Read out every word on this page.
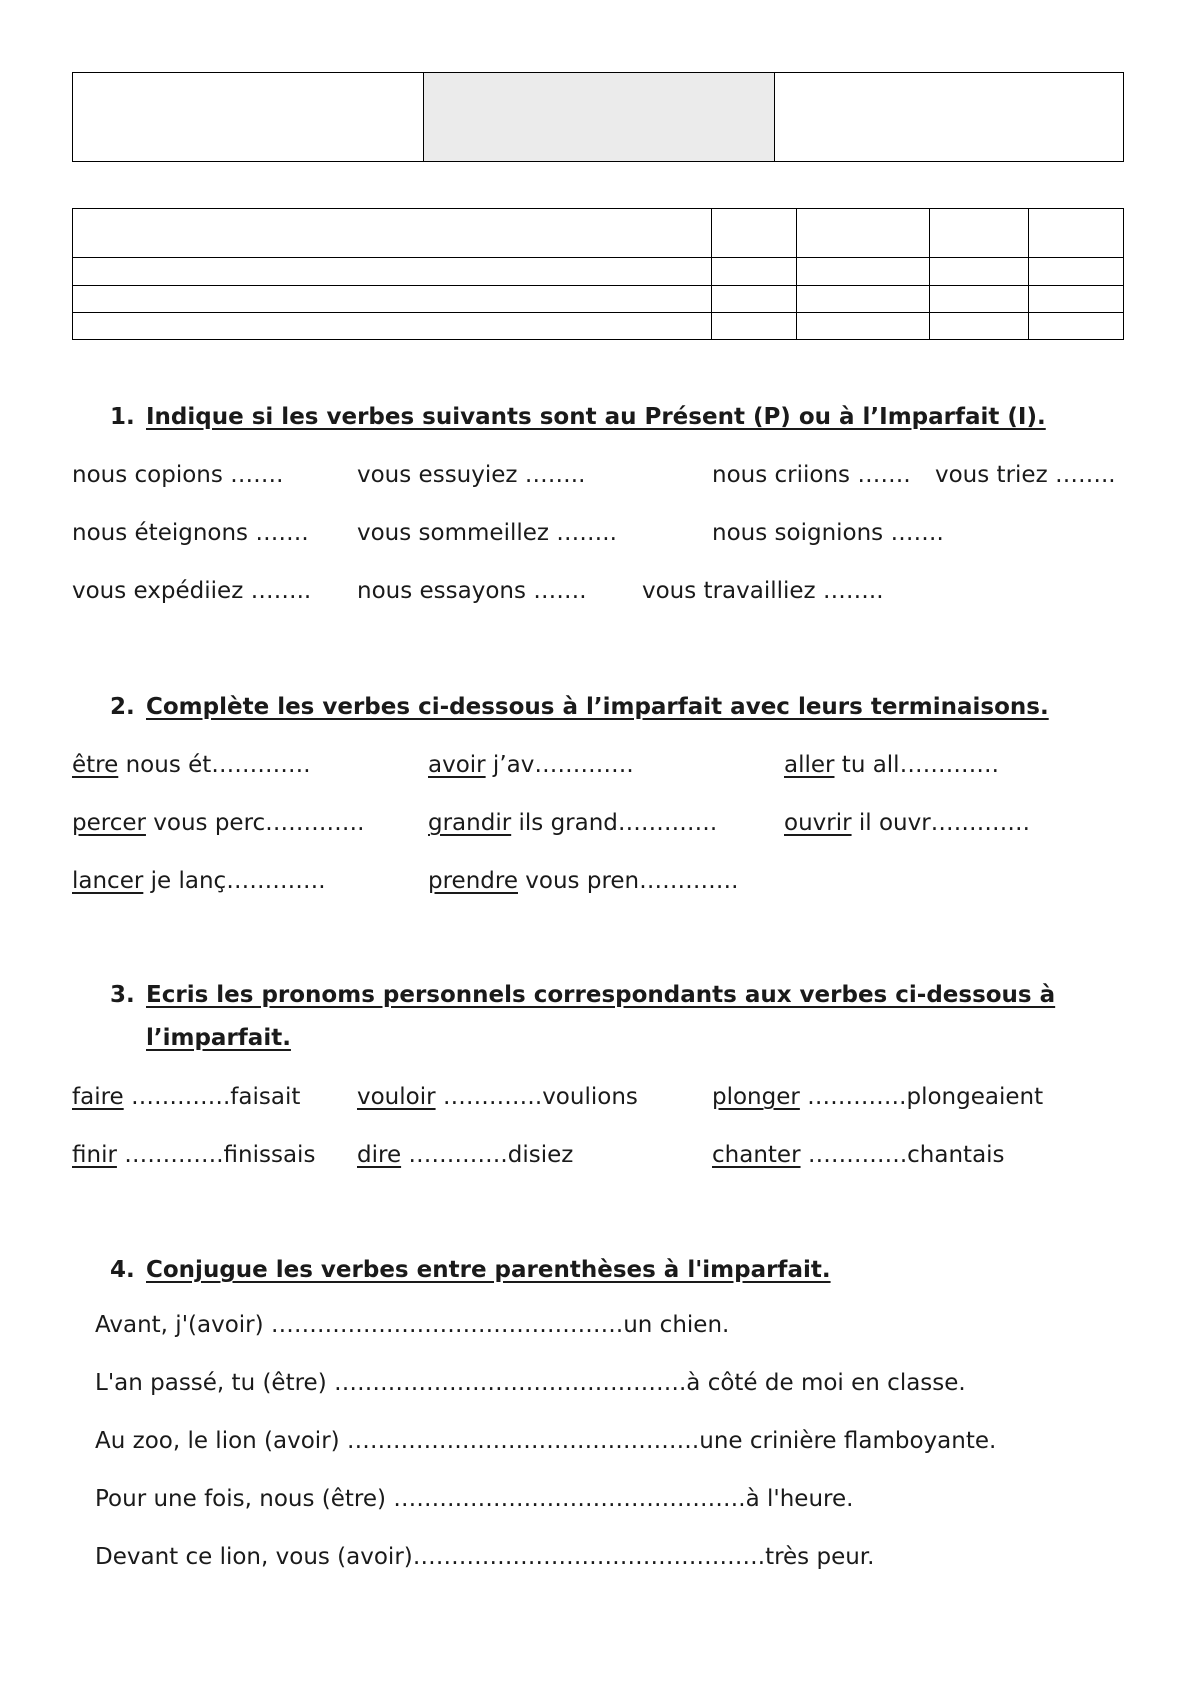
1. Indique si les verbes suivants sont au Présent (P) ou à l’Imparfait (I).
nous copions …….	vous essuyiez ……..	nous criions ……. vous triez ……..
nous éteignons ……. vous sommeillez ……..	nous soignions …….
vous expédiiez …….. nous essayons ……. vous travailliez ……..
2. Complète les verbes ci-dessous à l’imparfait avec leurs terminaisons.
être nous ét………….	avoir j’av………….	aller tu all………….
percer vous perc………….	grandir ils grand………….	ouvrir il ouvr………….
lancer je lanç………….	prendre vous pren………….
3. Ecris les pronoms personnels correspondants aux verbes ci-dessous à
l’imparfait.
faire ………….faisait vouloir ………….voulions	plonger ………….plongeaient
finir ………….finissais dire ………….disiez	chanter ………….chantais
4. Conjugue les verbes entre parenthèses à l'imparfait.
Avant, j'(avoir) ……………………………………….un chien.
L'an passé, tu (être) ……………………………………….à côté de moi en classe.
Au zoo, le lion (avoir) ……………………………………….une crinière flamboyante.
Pour une fois, nous (être) ……………………………………….à l'heure.
Devant ce lion, vous (avoir)……………………………………….très peur.
